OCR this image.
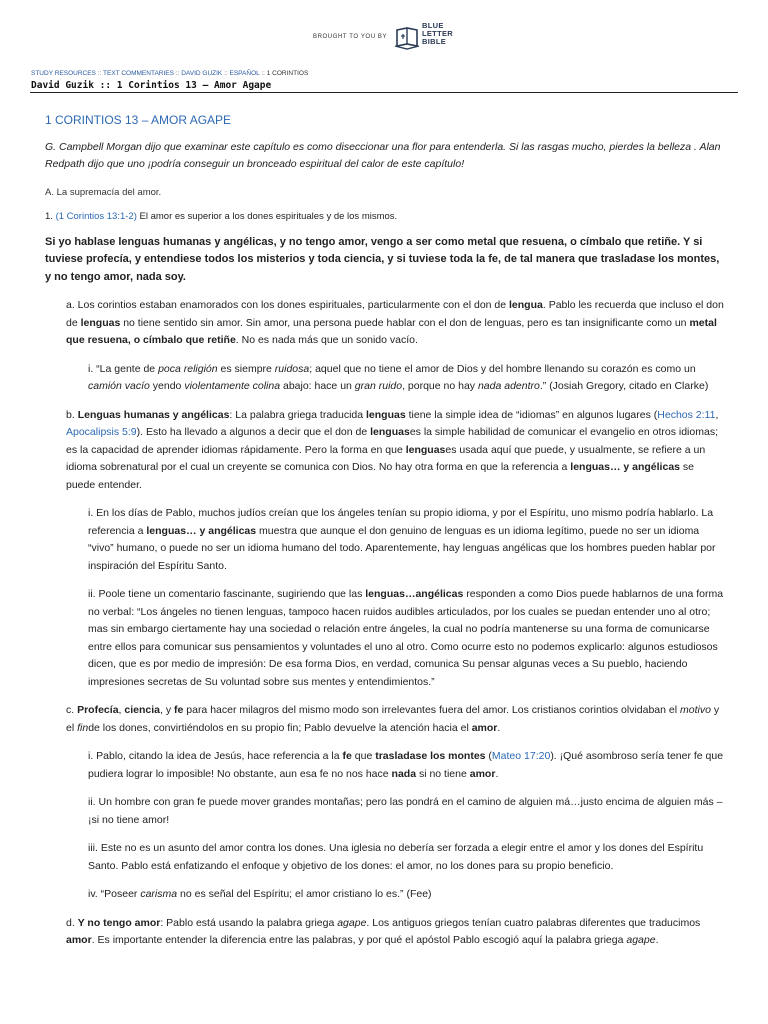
BROUGHT TO YOU BY
BLUE
LETTER
BIBLE
STUDY RESOURCES :: TEXT COMMENTARIES :: DAVID GUZIK :: ESPAÑOL :: 1 CORINTIOS
David Guzik :: 1 Corintios 13 – Amor Agape

1 CORINTIOS 13 – AMOR AGAPE

G. Campbell Morgan dijo que examinar este capítulo es como diseccionar una flor para entenderla. Si las rasgas mucho, pierdes la belleza . Alan Redpath dijo que uno ¡podría conseguir un bronceado espiritual del calor de este capítulo!

A. La supremacía del amor.

1. (1 Corintios 13:1-2) El amor es superior a los dones espirituales y de los mismos.

Si yo hablase lenguas humanas y angélicas, y no tengo amor, vengo a ser como metal que resuena, o címbalo que retiñe. Y si tuviese profecía, y entendiese todos los misterios y toda ciencia, y si tuviese toda la fe, de tal manera que trasladase los montes, y no tengo amor, nada soy.

a. Los corintios estaban enamorados con los dones espirituales, particularmente con el don de lengua. Pablo les recuerda que incluso el don de lenguas no tiene sentido sin amor. Sin amor, una persona puede hablar con el don de lenguas, pero es tan insignificante como un metal que resuena, o címbalo que retiñe. No es nada más que un sonido vacío.

i. “La gente de poca religión es siempre ruidosa; aquel que no tiene el amor de Dios y del hombre llenando su corazón es como un camión vacío yendo violentamente colina abajo: hace un gran ruido, porque no hay nada adentro.” (Josiah Gregory, citado en Clarke)

b. Lenguas humanas y angélicas: La palabra griega traducida lenguas tiene la simple idea de “idiomas” en algunos lugares (Hechos 2:11, Apocalipsis 5:9). Esto ha llevado a algunos a decir que el don de lenguases la simple habilidad de comunicar el evangelio en otros idiomas; es la capacidad de aprender idiomas rápidamente. Pero la forma en que lenguases usada aquí que puede, y usualmente, se refiere a un idioma sobrenatural por el cual un creyente se comunica con Dios. No hay otra forma en que la referencia a lenguas… y angélicas se puede entender.

i. En los días de Pablo, muchos judíos creían que los ángeles tenían su propio idioma, y por el Espíritu, uno mismo podría hablarlo. La referencia a lenguas… y angélicas muestra que aunque el don genuino de lenguas es un idioma legítimo, puede no ser un idioma “vivo” humano, o puede no ser un idioma humano del todo. Aparentemente, hay lenguas angélicas que los hombres pueden hablar por inspiración del Espíritu Santo.

ii. Poole tiene un comentario fascinante, sugiriendo que las lenguas…angélicas responden a como Dios puede hablarnos de una forma no verbal: “Los ángeles no tienen lenguas, tampoco hacen ruidos audibles articulados, por los cuales se puedan entender uno al otro; mas sin embargo ciertamente hay una sociedad o relación entre ángeles, la cual no podría mantenerse su una forma de comunicarse entre ellos para comunicar sus pensamientos y voluntades el uno al otro. Como ocurre esto no podemos explicarlo: algunos estudiosos dicen, que es por medio de impresión: De esa forma Dios, en verdad, comunica Su pensar algunas veces a Su pueblo, haciendo impresiones secretas de Su voluntad sobre sus mentes y entendimientos.”

c. Profecía, ciencia, y fe para hacer milagros del mismo modo son irrelevantes fuera del amor. Los cristianos corintios olvidaban el motivo y el finde los dones, convirtiéndolos en su propio fin; Pablo devuelve la atención hacia el amor.

i. Pablo, citando la idea de Jesús, hace referencia a la fe que trasladase los montes (Mateo 17:20). ¡Qué asombroso sería tener fe que pudiera lograr lo imposible! No obstante, aun esa fe no nos hace nada si no tiene amor.

ii. Un hombre con gran fe puede mover grandes montañas; pero las pondrá en el camino de alguien má…justo encima de alguien más – ¡si no tiene amor!

iii. Este no es un asunto del amor contra los dones. Una iglesia no debería ser forzada a elegir entre el amor y los dones del Espíritu Santo. Pablo está enfatizando el enfoque y objetivo de los dones: el amor, no los dones para su propio beneficio.

iv. “Poseer carisma no es señal del Espíritu; el amor cristiano lo es.” (Fee)

d. Y no tengo amor: Pablo está usando la palabra griega agape. Los antiguos griegos tenían cuatro palabras diferentes que traducimos amor. Es importante entender la diferencia entre las palabras, y por qué el apóstol Pablo escogió aquí la palabra griega agape.
